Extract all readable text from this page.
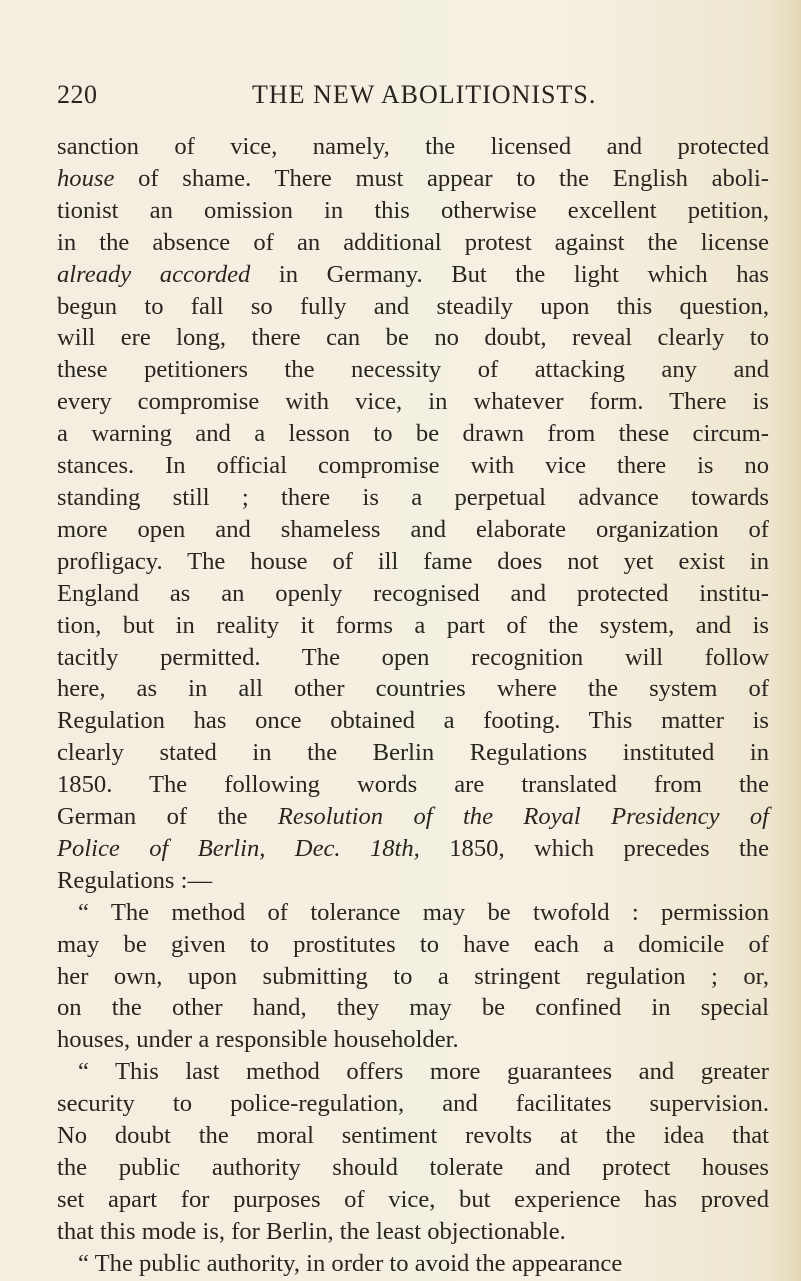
220	THE NEW ABOLITIONISTS.
sanction of vice, namely, the licensed and protected
house of shame. There must appear to the English aboli-
tionist an omission in this otherwise excellent petition,
in the absence of an additional protest against the license
already accorded in Germany. But the light which has
begun to fall so fully and steadily upon this question,
will ere long, there can be no doubt, reveal clearly to
these petitioners the necessity of attacking any and
every compromise with vice, in whatever form. There is
a warning and a lesson to be drawn from these circum-
stances. In official compromise with vice there is no
standing still ; there is a perpetual advance towards
more open and shameless and elaborate organization of
profligacy. The house of ill fame does not yet exist in
England as an openly recognised and protected institu-
tion, but in reality it forms a part of the system, and is
tacitly permitted. The open recognition will follow
here, as in all other countries where the system of
Regulation has once obtained a footing. This matter is
clearly stated in the Berlin Regulations instituted in
1850. The following words are translated from the
German of the Resolution of the Royal Presidency of
Police of Berlin, Dec. 18th, 1850, which precedes the
Regulations :—
“ The method of tolerance may be twofold : permission
may be given to prostitutes to have each a domicile of
her own, upon submitting to a stringent regulation ; or,
on the other hand, they may be confined in special
houses, under a responsible householder.
“ This last method offers more guarantees and greater
security to police-regulation, and facilitates supervision.
No doubt the moral sentiment revolts at the idea that
the public authority should tolerate and protect houses
set apart for purposes of vice, but experience has proved
that this mode is, for Berlin, the least objectionable.
“ The public authority, in order to avoid the appearance
